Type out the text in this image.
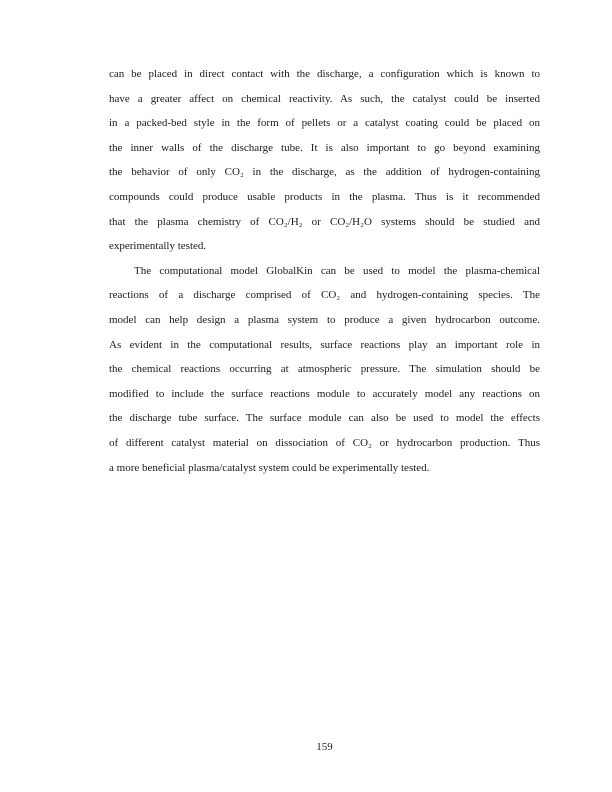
can be placed in direct contact with the discharge, a configuration which is known to
have a greater affect on chemical reactivity. As such, the catalyst could be inserted
in a packed-bed style in the form of pellets or a catalyst coating could be placed on
the inner walls of the discharge tube. It is also important to go beyond examining
the behavior of only CO₂ in the discharge, as the addition of hydrogen-containing
compounds could produce usable products in the plasma. Thus is it recommended
that the plasma chemistry of CO₂/H₂ or CO₂/H₂O systems should be studied and
experimentally tested.
The computational model GlobalKin can be used to model the plasma-chemical
reactions of a discharge comprised of CO₂ and hydrogen-containing species. The
model can help design a plasma system to produce a given hydrocarbon outcome.
As evident in the computational results, surface reactions play an important role in
the chemical reactions occurring at atmospheric pressure. The simulation should be
modified to include the surface reactions module to accurately model any reactions on
the discharge tube surface. The surface module can also be used to model the effects
of different catalyst material on dissociation of CO₂ or hydrocarbon production. Thus
a more beneficial plasma/catalyst system could be experimentally tested.
159
